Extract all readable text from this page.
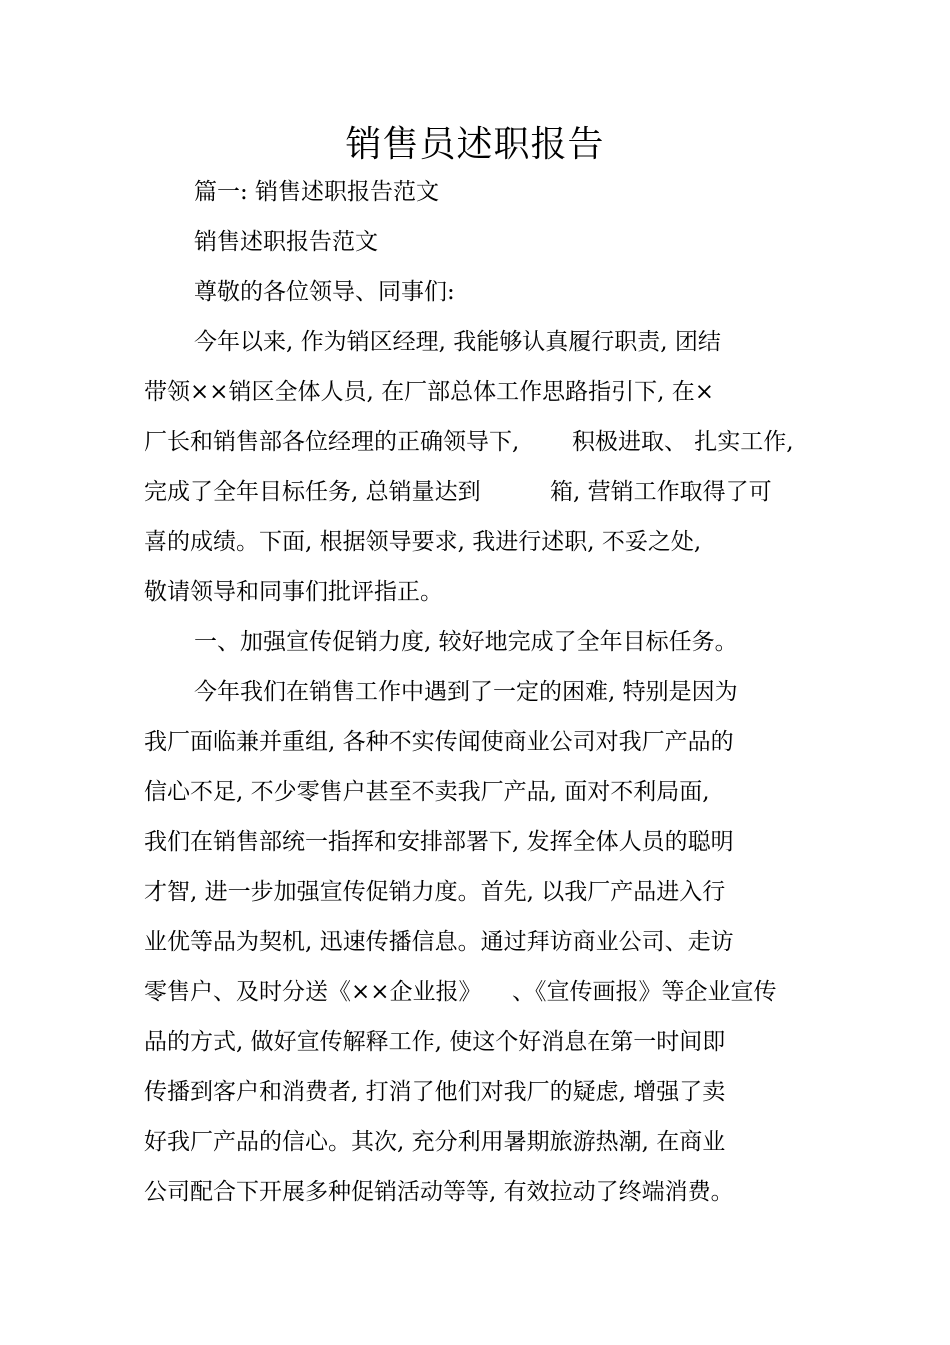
销售员述职报告

篇一: 销售述职报告范文

销售述职报告范文

尊敬的各位领导、同事们:

今年以来, 作为销区经理, 我能够认真履行职责, 团结

带领××销区全体人员, 在厂部总体工作思路指引下, 在×

厂长和销售部各位经理的正确领导下, 积极进取、 扎实工作,
完成了全年目标任务, 总销量达到	箱, 营销工作取得了可

喜的成绩。下面, 根据领导要求, 我进行述职, 不妥之处,

敬请领导和同事们批评指正。

一、加强宣传促销力度, 较好地完成了全年目标任务。

今年我们在销售工作中遇到了一定的困难, 特别是因为

我厂面临兼并重组, 各种不实传闻使商业公司对我厂产品的

信心不足, 不少零售户甚至不卖我厂产品, 面对不利局面,

我们在销售部统一指挥和安排部署下, 发挥全体人员的聪明

才智, 进一步加强宣传促销力度。首先, 以我厂产品进入行

业优等品为契机, 迅速传播信息。通过拜访商业公司、走访

零售户、及时分送《××企业报》 、《宣传画报》等企业宣传

品的方式, 做好宣传解释工作, 使这个好消息在第一时间即

传播到客户和消费者, 打消了他们对我厂的疑虑, 增强了卖

好我厂产品的信心。其次, 充分利用暑期旅游热潮, 在商业

公司配合下开展多种促销活动等等, 有效拉动了终端消费。
